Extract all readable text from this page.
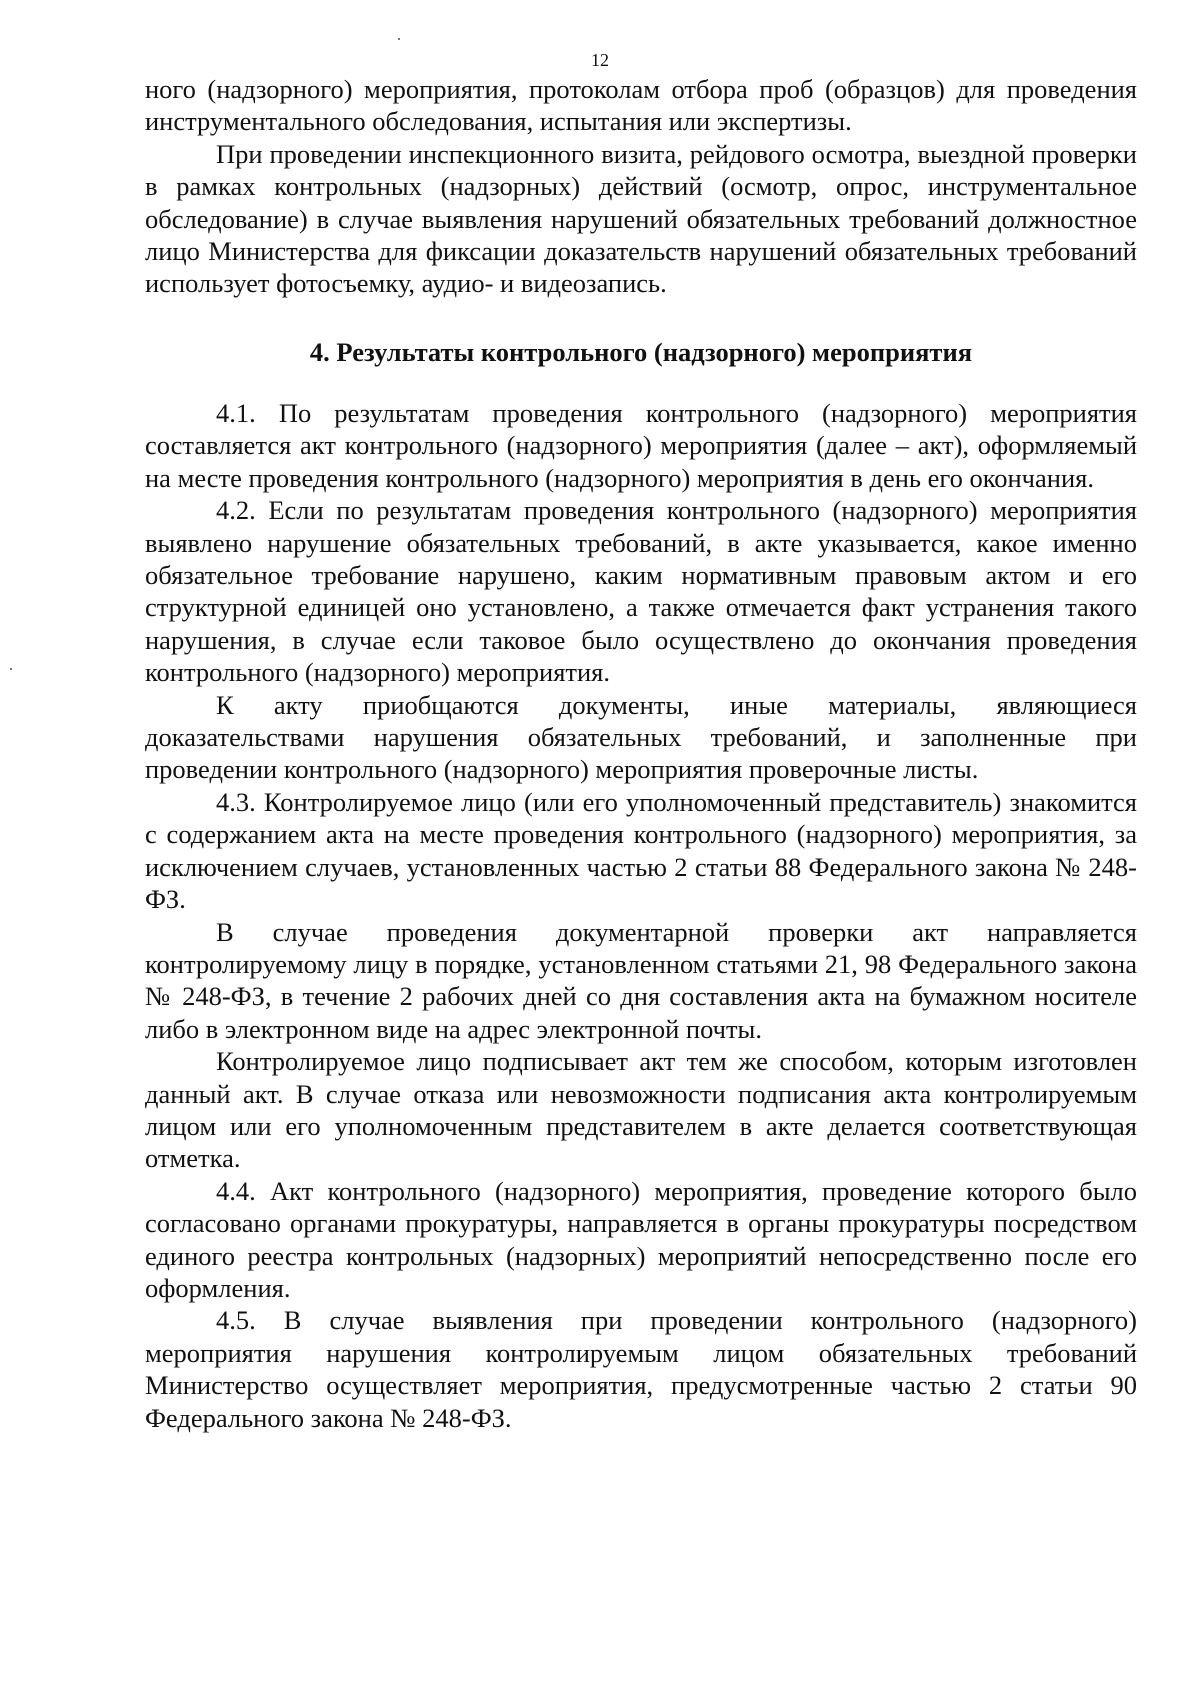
12

ного (надзорного) мероприятия, протоколам отбора проб (образцов) для проведения инструментального обследования, испытания или экспертизы.

При проведении инспекционного визита, рейдового осмотра, выездной проверки в рамках контрольных (надзорных) действий (осмотр, опрос, инструментальное обследование) в случае выявления нарушений обязательных требований должностное лицо Министерства для фиксации доказательств нарушений обязательных требований использует фотосъемку, аудио- и видеозапись.

4. Результаты контрольного (надзорного) мероприятия

4.1. По результатам проведения контрольного (надзорного) мероприятия составляется акт контрольного (надзорного) мероприятия (далее – акт), оформляемый на месте проведения контрольного (надзорного) мероприятия в день его окончания.

4.2. Если по результатам проведения контрольного (надзорного) мероприятия выявлено нарушение обязательных требований, в акте указывается, какое именно обязательное требование нарушено, каким нормативным правовым актом и его структурной единицей оно установлено, а также отмечается факт устранения такого нарушения, в случае если таковое было осуществлено до окончания проведения контрольного (надзорного) мероприятия.

К акту приобщаются документы, иные материалы, являющиеся доказательствами нарушения обязательных требований, и заполненные при проведении контрольного (надзорного) мероприятия проверочные листы.

4.3. Контролируемое лицо (или его уполномоченный представитель) знакомится с содержанием акта на месте проведения контрольного (надзорного) мероприятия, за исключением случаев, установленных частью 2 статьи 88 Федерального закона № 248-ФЗ.

В случае проведения документарной проверки акт направляется контролируемому лицу в порядке, установленном статьями 21, 98 Федерального закона № 248-ФЗ, в течение 2 рабочих дней со дня составления акта на бумажном носителе либо в электронном виде на адрес электронной почты.

Контролируемое лицо подписывает акт тем же способом, которым изготовлен данный акт. В случае отказа или невозможности подписания акта контролируемым лицом или его уполномоченным представителем в акте делается соответствующая отметка.

4.4. Акт контрольного (надзорного) мероприятия, проведение которого было согласовано органами прокуратуры, направляется в органы прокуратуры посредством единого реестра контрольных (надзорных) мероприятий непосредственно после его оформления.

4.5. В случае выявления при проведении контрольного (надзорного) мероприятия нарушения контролируемым лицом обязательных требований Министерство осуществляет мероприятия, предусмотренные частью 2 статьи 90 Федерального закона № 248-ФЗ.
